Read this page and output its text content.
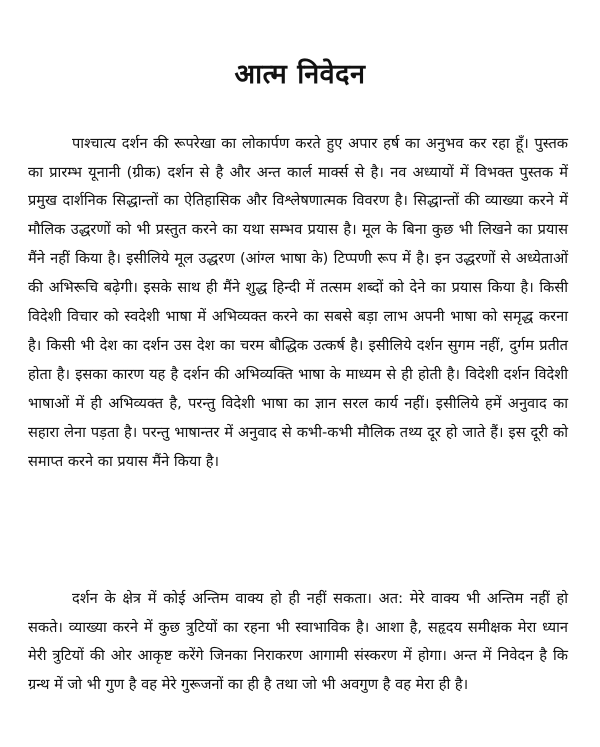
आत्म निवेदन

पाश्चात्य दर्शन की रूपरेखा का लोकार्पण करते हुए अपार हर्ष का अनुभव कर रहा हूँ। पुस्तक का प्रारम्भ यूनानी (ग्रीक) दर्शन से है और अन्त कार्ल मार्क्स से है। नव अध्यायों में विभक्त पुस्तक में प्रमुख दार्शनिक सिद्धान्तों का ऐतिहासिक और विश्लेषणात्मक विवरण है। सिद्धान्तों की व्याख्या करने में मौलिक उद्धरणों को भी प्रस्तुत करने का यथा सम्भव प्रयास है। मूल के बिना कुछ भी लिखने का प्रयास मैंने नहीं किया है। इसीलिये मूल उद्धरण (आंग्ल भाषा के) टिप्पणी रूप में है। इन उद्धरणों से अध्येताओं की अभिरूचि बढ़ेगी। इसके साथ ही मैंने शुद्ध हिन्दी में तत्सम शब्दों को देने का प्रयास किया है। किसी विदेशी विचार को स्वदेशी भाषा में अभिव्यक्त करने का सबसे बड़ा लाभ अपनी भाषा को समृद्ध करना है। किसी भी देश का दर्शन उस देश का चरम बौद्धिक उत्कर्ष है। इसीलिये दर्शन सुगम नहीं, दुर्गम प्रतीत होता है। इसका कारण यह है दर्शन की अभिव्यक्ति भाषा के माध्यम से ही होती है। विदेशी दर्शन विदेशी भाषाओं में ही अभिव्यक्त है, परन्तु विदेशी भाषा का ज्ञान सरल कार्य नहीं। इसीलिये हमें अनुवाद का सहारा लेना पड़ता है। परन्तु भाषान्तर में अनुवाद से कभी-कभी मौलिक तथ्य दूर हो जाते हैं। इस दूरी को समाप्त करने का प्रयास मैंने किया है।

दर्शन के क्षेत्र में कोई अन्तिम वाक्य हो ही नहीं सकता। अत: मेरे वाक्य भी अन्तिम नहीं हो सकते। व्याख्या करने में कुछ त्रुटियों का रहना भी स्वाभाविक है। आशा है, सहृदय समीक्षक मेरा ध्यान मेरी त्रुटियों की ओर आकृष्ट करेंगे जिनका निराकरण आगामी संस्करण में होगा। अन्त में निवेदन है कि ग्रन्थ में जो भी गुण है वह मेरे गुरूजनों का ही है तथा जो भी अवगुण है वह मेरा ही है।
